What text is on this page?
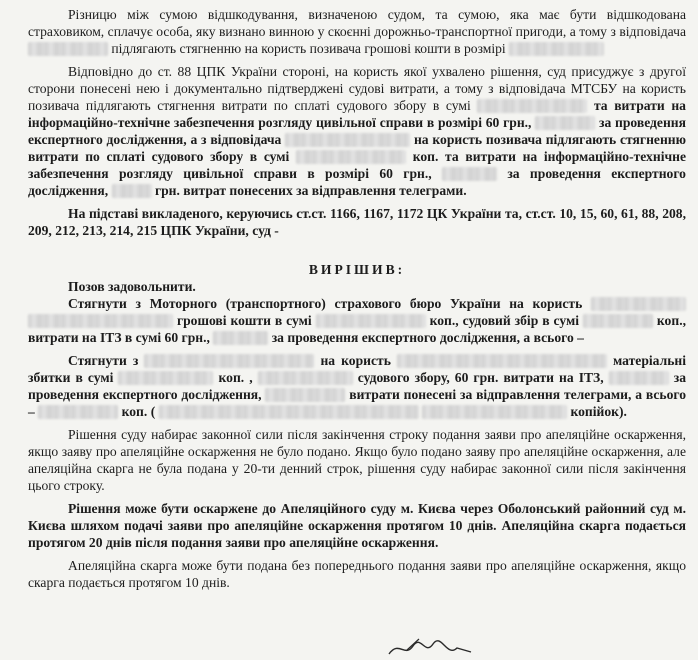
Різницю між сумою відшкодування, визначеною судом, та сумою, яка має бути відшкодована страховиком, сплачує особа, яку визнано винною у скоєнні дорожньо-транспортної пригоди, а тому з відповідача  підлягають стягненню на користь позивача грошові кошти в розмірі

Відповідно до ст. 88 ЦПК України стороні, на користь якої ухвалено рішення, суд присуджує з другої сторони понесені нею і документально підтверджені судові витрати, а тому з відповідача МТСБУ на користь позивача підлягають стягнення витрати по сплаті судового збору в сумі	та витрати на інформаційно-технічне забезпечення розгляду цивільної справи в розмірі 60 грн.,	за проведення експертного дослідження, а з відповідача	на користь позивача підлягають стягненню витрати по сплаті судового збору в сумі	коп. та витрати на інформаційно-технічне забезпечення розгляду цивільної справи в розмірі 60 грн.,	за проведення експертного дослідження,	грн. витрат понесених за відправлення телеграми.

На підставі викладеного, керуючись ст.ст. 1166, 1167, 1172 ЦК України та, ст.ст. 10, 15, 60, 61, 88, 208, 209, 212, 213, 214, 215 ЦПК України, суд -

ВИРІШИВ:

Позов задовольнити.

Стягнути з Моторного (транспортного) страхового бюро України на користь   грошові кошти в сумі	коп., судовий збір в сумі	коп., витрати на ІТЗ в сумі 60 грн.,	за проведення експертного дослідження, а всього –

Стягнути з	на користь	матеріальні збитки в сумі	коп. ,	судового збору, 60 грн. витрати на ІТЗ,	за проведення експертного дослідження,	витрати понесені за відправлення телеграми, а всього –	коп. (	копійок).

Рішення суду набирає законної сили після закінчення строку подання заяви про апеляційне оскарження, якщо заяву про апеляційне оскарження не було подано. Якщо було подано заяву про апеляційне оскарження, але апеляційна скарга не була подана у 20-ти денний строк, рішення суду набирає законної сили після закінчення цього строку.

Рішення може бути оскаржене до Апеляційного суду м. Києва через Оболонський районний суд м. Києва шляхом подачі заяви про апеляційне оскарження протягом 10 днів. Апеляційна скарга подається протягом 20 днів після подання заяви про апеляційне оскарження.

Апеляційна скарга може бути подана без попереднього подання заяви про апеляційне оскарження, якщо скарга подається протягом 10 днів.
